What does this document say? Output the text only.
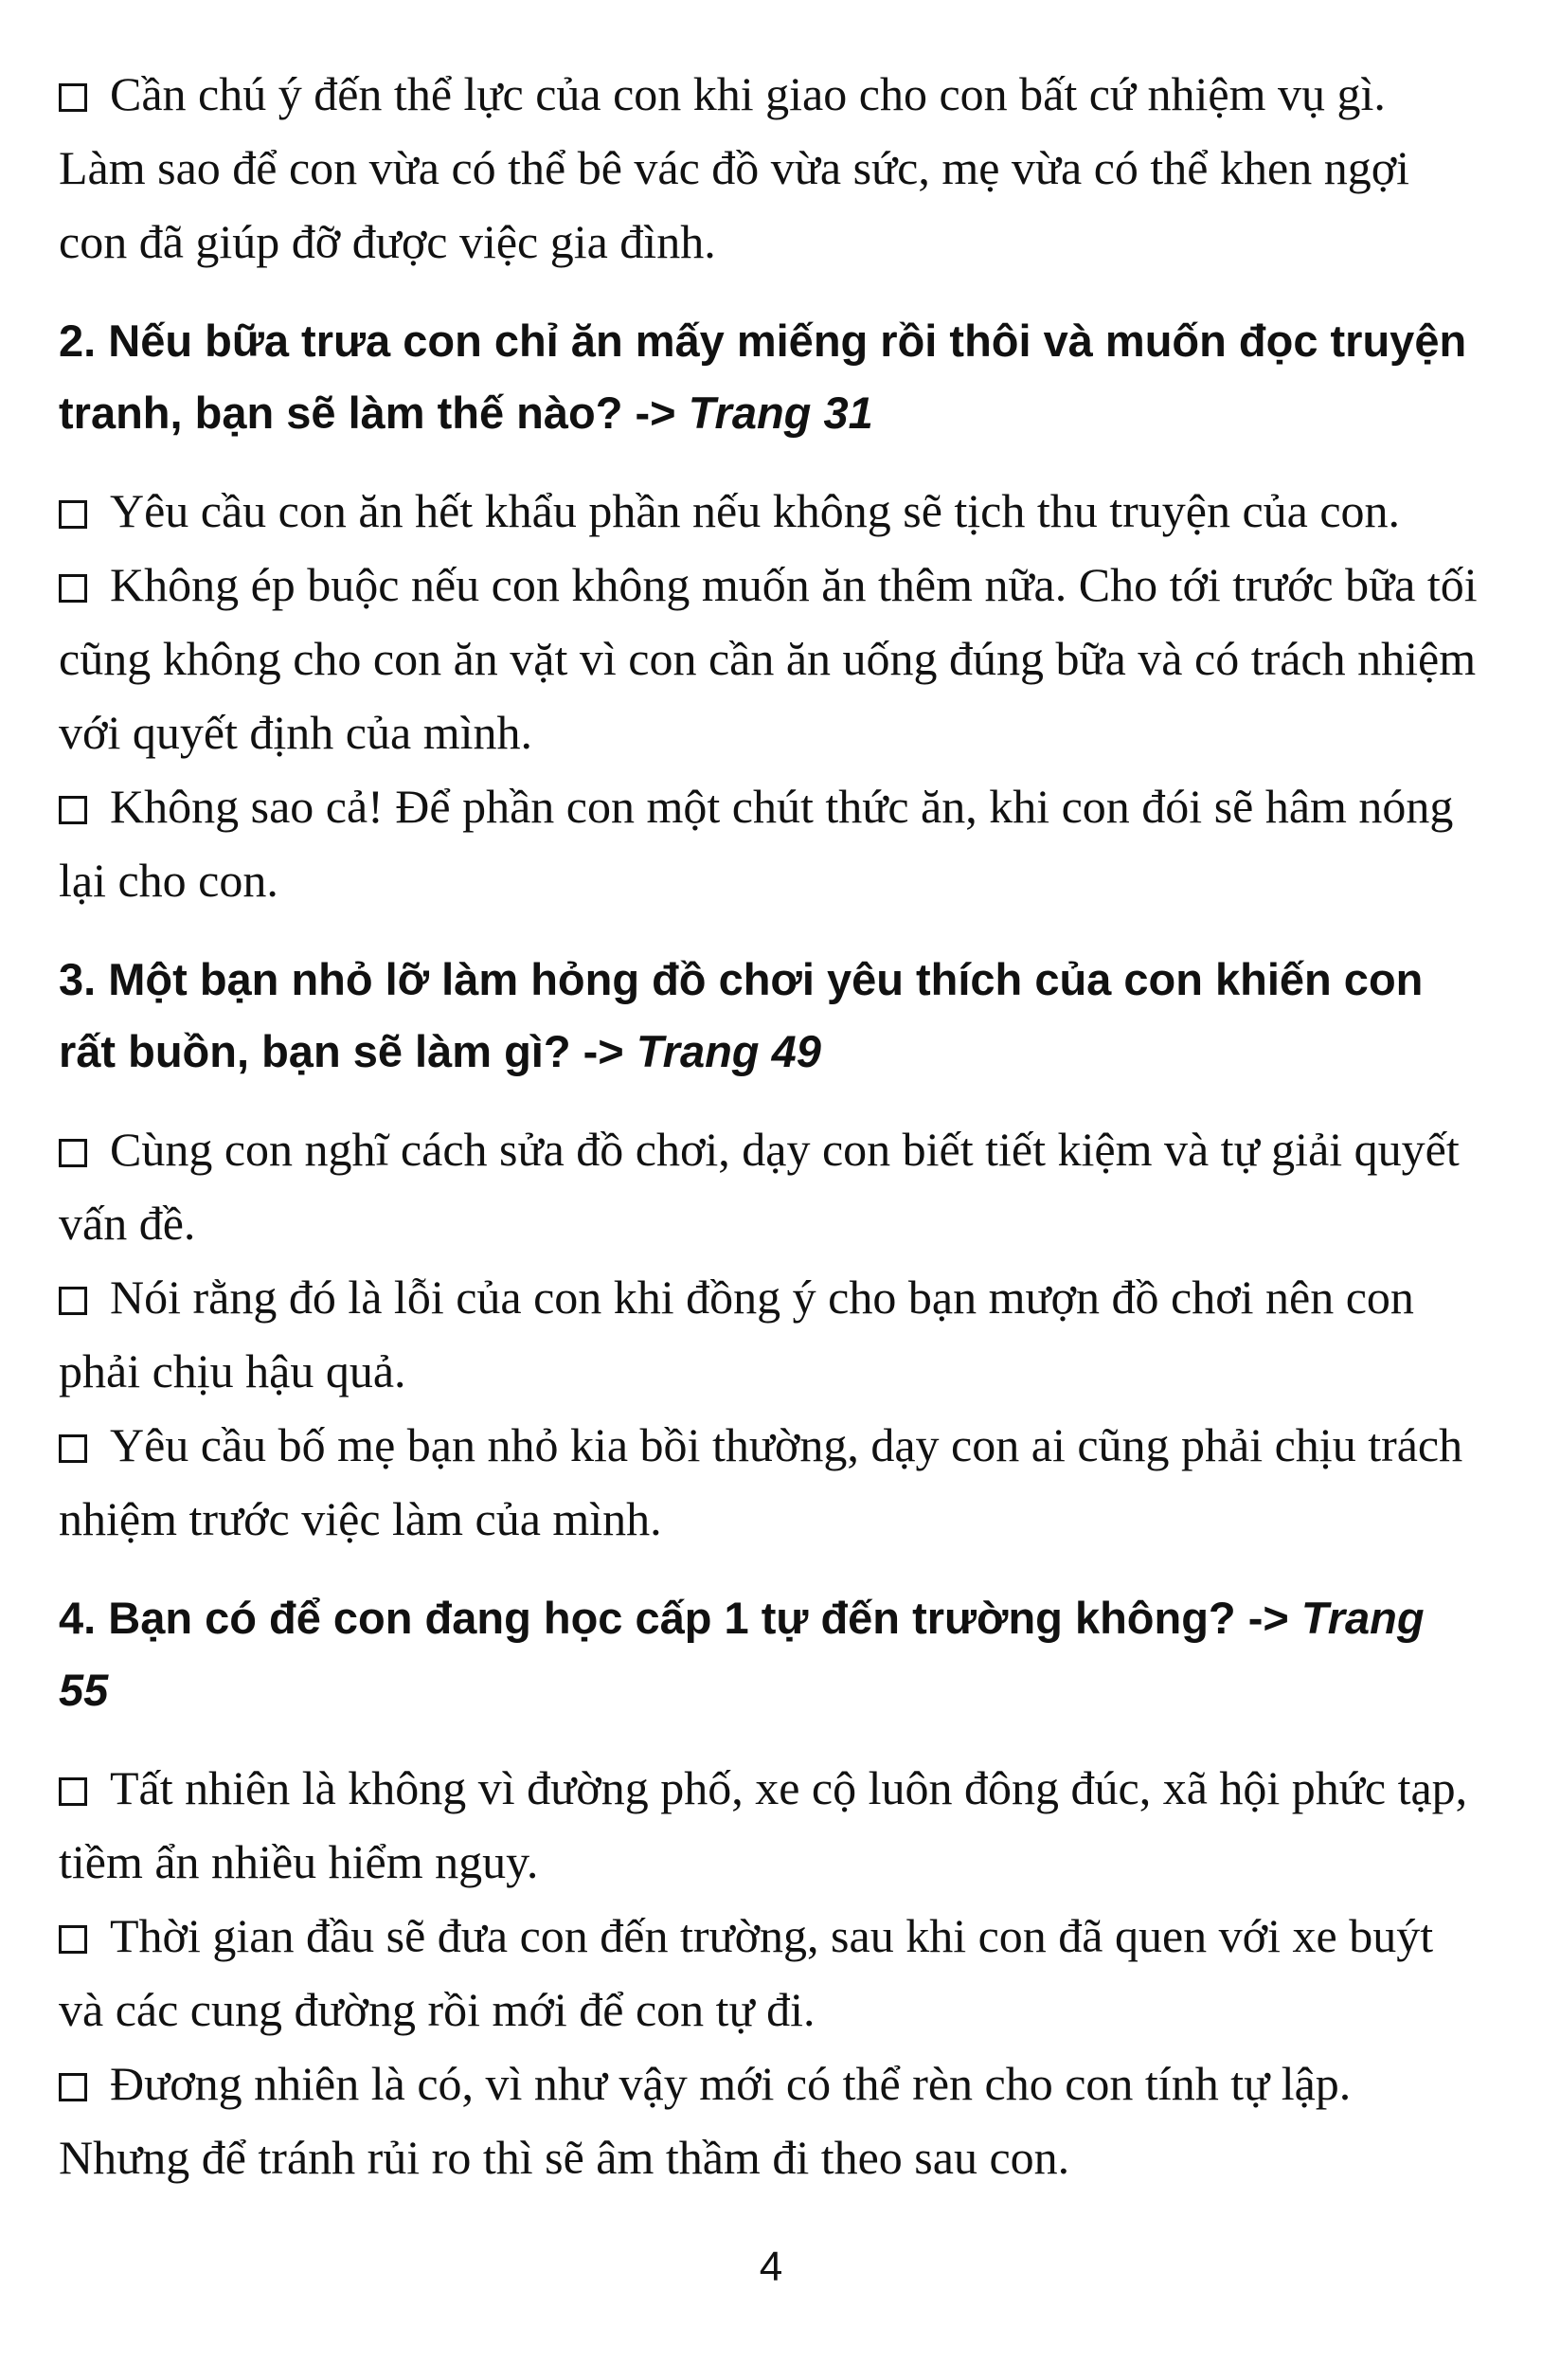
Cần chú ý đến thể lực của con khi giao cho con bất cứ nhiệm vụ gì. Làm sao để con vừa có thể bê vác đồ vừa sức, mẹ vừa có thể khen ngợi con đã giúp đỡ được việc gia đình.

2. Nếu bữa trưa con chỉ ăn mấy miếng rồi thôi và muốn đọc truyện tranh, bạn sẽ làm thế nào? -> Trang 31

Yêu cầu con ăn hết khẩu phần nếu không sẽ tịch thu truyện của con.

Không ép buộc nếu con không muốn ăn thêm nữa. Cho tới trước bữa tối cũng không cho con ăn vặt vì con cần ăn uống đúng bữa và có trách nhiệm với quyết định của mình.

Không sao cả! Để phần con một chút thức ăn, khi con đói sẽ hâm nóng lại cho con.

3. Một bạn nhỏ lỡ làm hỏng đồ chơi yêu thích của con khiến con rất buồn, bạn sẽ làm gì? -> Trang 49

Cùng con nghĩ cách sửa đồ chơi, dạy con biết tiết kiệm và tự giải quyết vấn đề.

Nói rằng đó là lỗi của con khi đồng ý cho bạn mượn đồ chơi nên con phải chịu hậu quả.

Yêu cầu bố mẹ bạn nhỏ kia bồi thường, dạy con ai cũng phải chịu trách nhiệm trước việc làm của mình.

4. Bạn có để con đang học cấp 1 tự đến trường không? -> Trang 55

Tất nhiên là không vì đường phố, xe cộ luôn đông đúc, xã hội phức tạp, tiềm ẩn nhiều hiểm nguy.

Thời gian đầu sẽ đưa con đến trường, sau khi con đã quen với xe buýt và các cung đường rồi mới để con tự đi.

Đương nhiên là có, vì như vậy mới có thể rèn cho con tính tự lập. Nhưng để tránh rủi ro thì sẽ âm thầm đi theo sau con.

4
